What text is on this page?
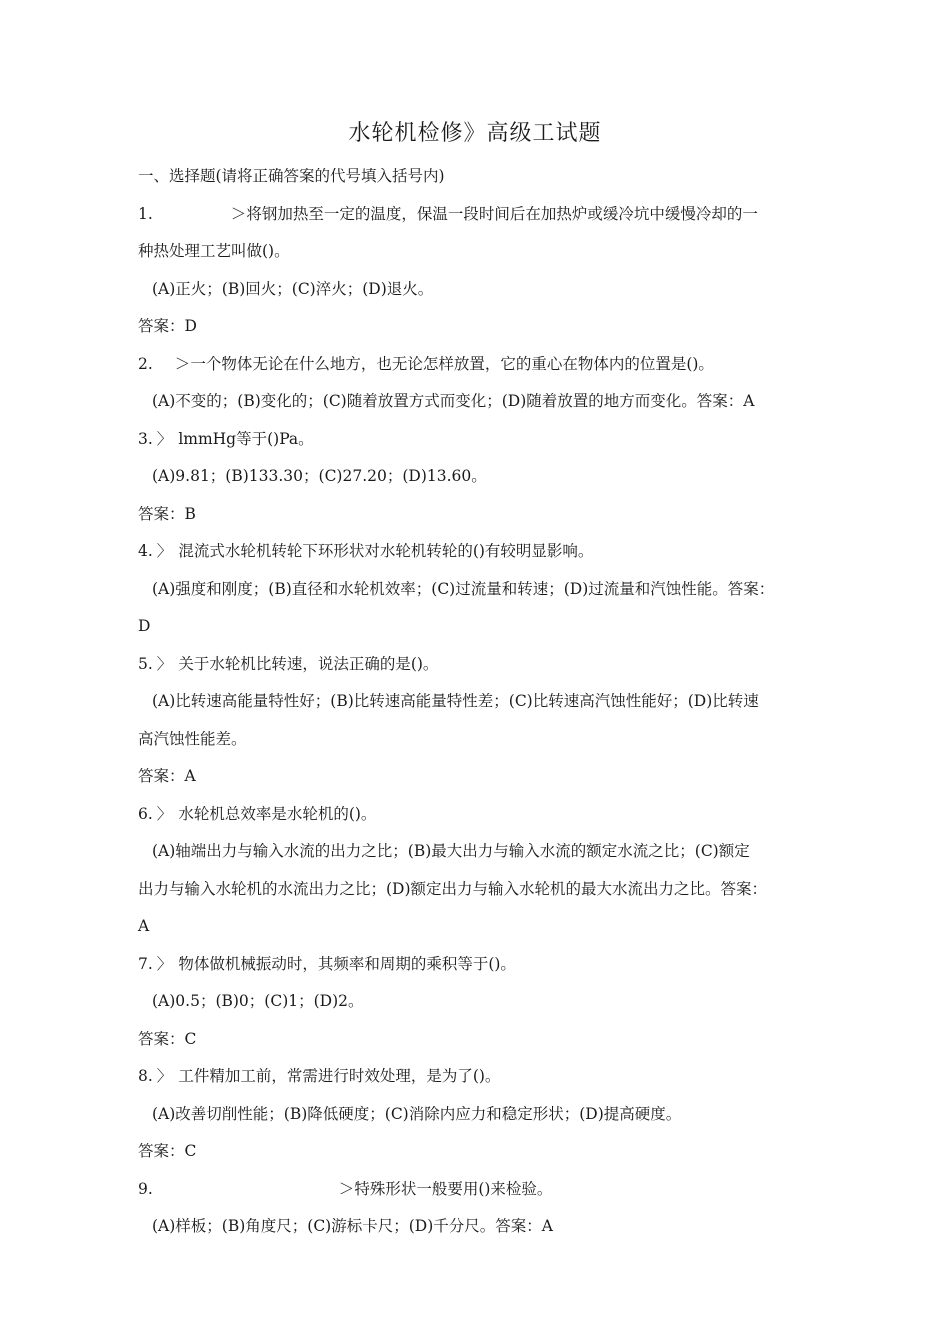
水轮机检修》高级工试题
一、选择题(请将正确答案的代号填入括号内)
1.	＞将钢加热至一定的温度，保温一段时间后在加热炉或缓冷坑中缓慢冷却的一
种热处理工艺叫做()。
(A)正火；(B)回火；(C)淬火；(D)退火。
答案：D
2. ＞一个物体无论在什么地方，也无论怎样放置，它的重心在物体内的位置是()。
(A)不变的；(B)变化的；(C)随着放置方式而变化；(D)随着放置的地方而变化。答案：A
3. 〉 lmmHg等于()Pa。
(A)9.81；(B)133.30；(C)27.20；(D)13.60。
答案：B
4. 〉 混流式水轮机转轮下环形状对水轮机转轮的()有较明显影响。
(A)强度和刚度；(B)直径和水轮机效率；(C)过流量和转速；(D)过流量和汽蚀性能。答案：
D
5. 〉 关于水轮机比转速，说法正确的是()。
(A)比转速高能量特性好；(B)比转速高能量特性差；(C)比转速高汽蚀性能好；(D)比转速
高汽蚀性能差。
答案：A
6. 〉 水轮机总效率是水轮机的()。
(A)轴端出力与输入水流的出力之比；(B)最大出力与输入水流的额定水流之比；(C)额定
出力与输入水轮机的水流出力之比；(D)额定出力与输入水轮机的最大水流出力之比。答案：
A
7. 〉 物体做机械振动时，其频率和周期的乘积等于()。
(A)0.5；(B)0；(C)1；(D)2。
答案：C
8. 〉 工件精加工前，常需进行时效处理，是为了()。
(A)改善切削性能；(B)降低硬度；(C)消除内应力和稳定形状；(D)提高硬度。
答案：C
9.	＞特殊形状一般要用()来检验。
(A)样板；(B)角度尺；(C)游标卡尺；(D)千分尺。答案：A
